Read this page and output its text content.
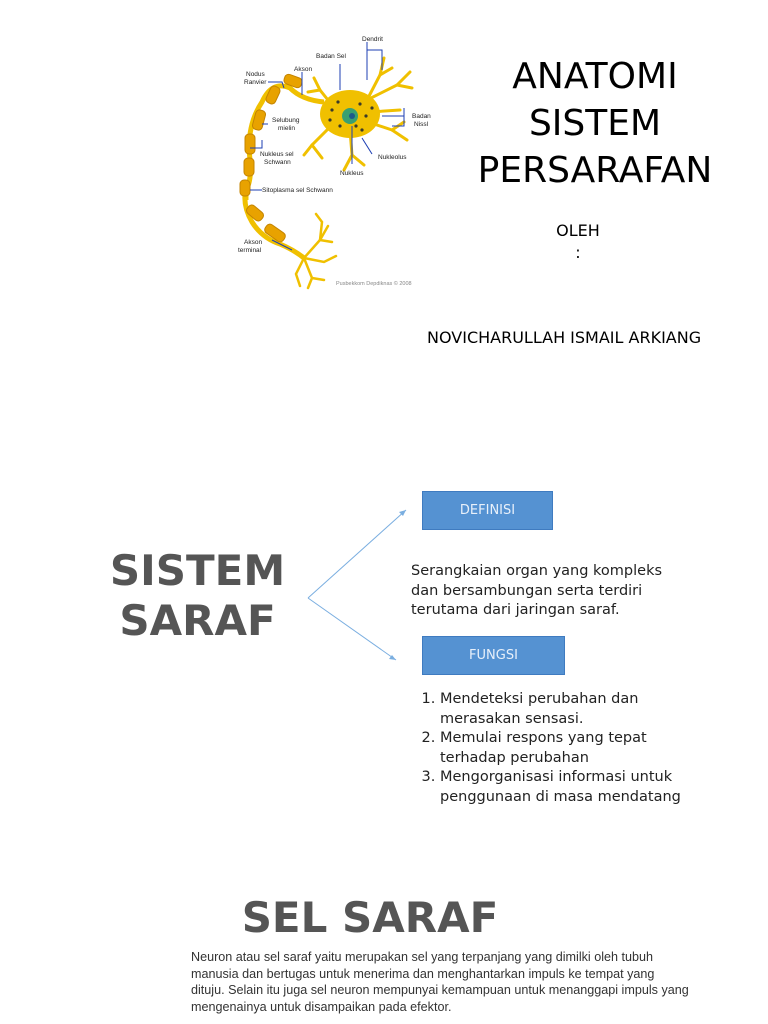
Dendrit
Badan Sel
Akson
Nodus
Ranvier
Selubung
mielin
Badan
Nissl
Nukleolus
Nukleus
Nukleus sel
Schwann
Sitoplasma sel Schwann
Akson
terminal
Pusbekkom Depdiknas © 2008
ANATOMI
SISTEM
PERSARAFAN
OLEH
:
NOVICHARULLAH ISMAIL ARKIANG
SISTEM
SARAF
DEFINISI
Serangkaian organ yang kompleks dan bersambungan serta terdiri terutama dari jaringan saraf.
FUNGSI
1. Mendeteksi perubahan dan merasakan sensasi.
2. Memulai respons yang tepat terhadap perubahan
3. Mengorganisasi informasi untuk penggunaan di masa mendatang
SEL SARAF
Neuron atau sel saraf yaitu merupakan sel yang terpanjang yang dimilki oleh tubuh manusia dan bertugas untuk menerima dan menghantarkan impuls ke tempat yang dituju. Selain itu juga sel neuron mempunyai kemampuan untuk menanggapi impuls yang mengenainya untuk disampaikan pada efektor.
